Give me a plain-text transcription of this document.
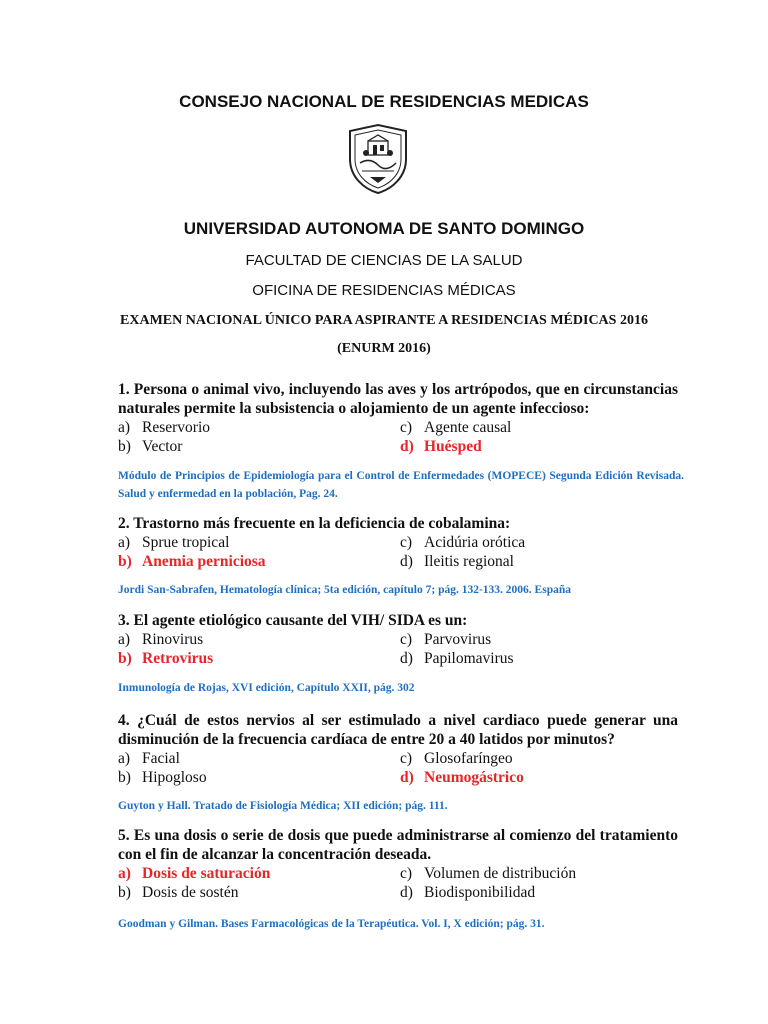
CONSEJO NACIONAL DE RESIDENCIAS MEDICAS
UNIVERSIDAD AUTONOMA DE SANTO DOMINGO
FACULTAD DE CIENCIAS DE LA SALUD
OFICINA DE RESIDENCIAS MÉDICAS
EXAMEN NACIONAL ÚNICO PARA ASPIRANTE A RESIDENCIAS MÉDICAS 2016
(ENURM 2016)
1. Persona o animal vivo, incluyendo las aves y los artrópodos, que en circunstancias naturales permite la subsistencia o alojamiento de un agente infeccioso:
a) Reservorio	c) Agente causal
b) Vector	d) Huésped
Módulo de Principios de Epidemiología para el Control de Enfermedades (MOPECE) Segunda Edición Revisada. Salud y enfermedad en la población, Pag. 24.
2. Trastorno más frecuente en la deficiencia de cobalamina:
a) Sprue tropical	c) Acidúria orótica
b) Anemia perniciosa	d) Ileitis regional
Jordi San-Sabrafen, Hematología clínica; 5ta edición, capítulo 7; pág. 132-133. 2006. España
3. El agente etiológico causante del VIH/ SIDA es un:
a) Rinovirus	c) Parvovirus
b) Retrovirus	d) Papilomavirus
Inmunología de Rojas, XVI edición, Capítulo XXII, pág. 302
4. ¿Cuál de estos nervios al ser estimulado a nivel cardiaco puede generar una disminución de la frecuencia cardíaca de entre 20 a 40 latidos por minutos?
a) Facial	c) Glosofaríngeo
b) Hipogloso	d) Neumogástrico
Guyton y Hall. Tratado de Fisiología Médica; XII edición; pág. 111.
5. Es una dosis o serie de dosis que puede administrarse al comienzo del tratamiento con el fin de alcanzar la concentración deseada.
a) Dosis de saturación	c) Volumen de distribución
b) Dosis de sostén	d) Biodisponibilidad
Goodman y Gilman. Bases Farmacológicas de la Terapéutica. Vol. I, X edición; pág. 31.
